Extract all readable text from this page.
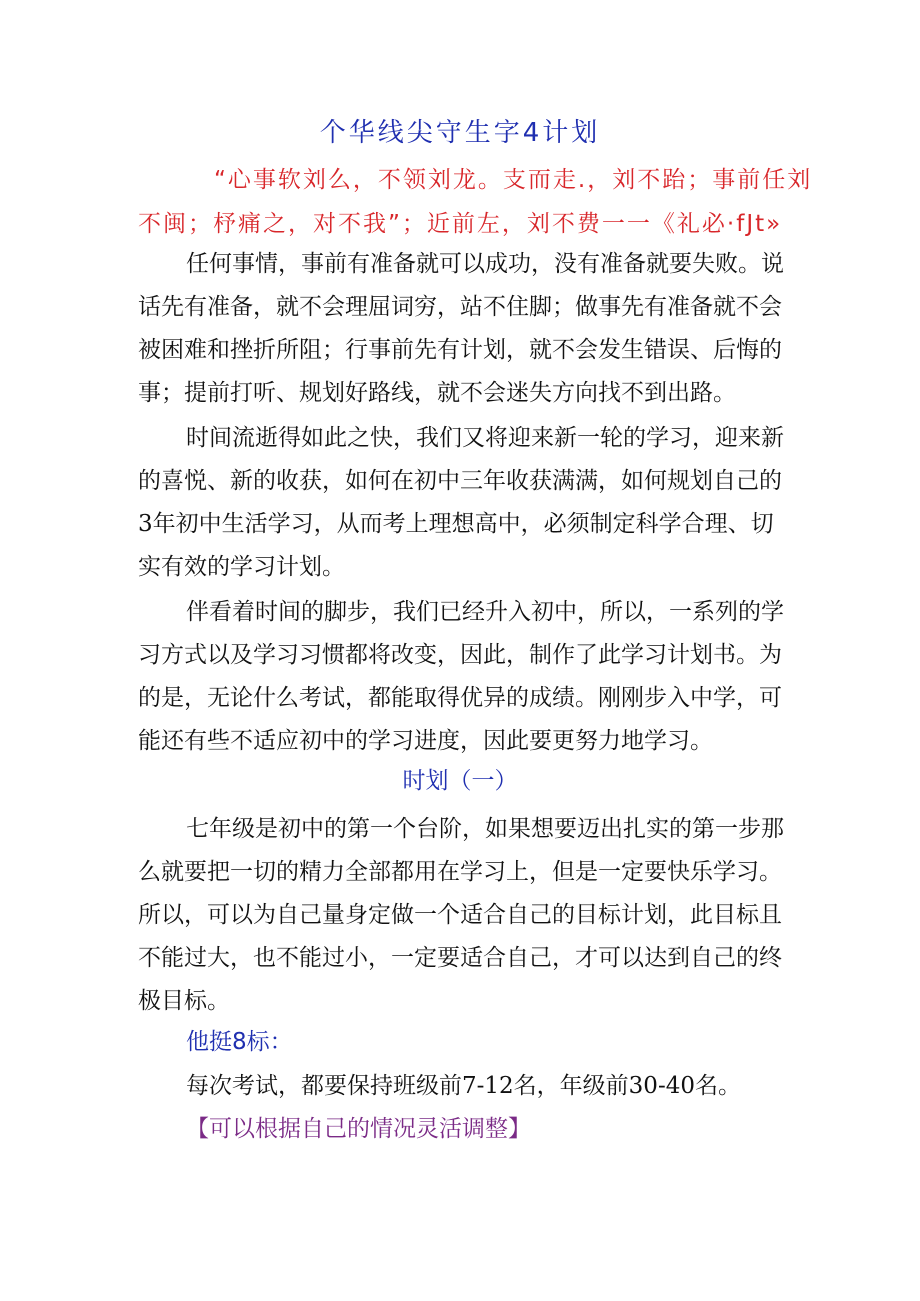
个华线尖守生字4计划
“心事软刘么，不领刘龙。支而走.，刘不跆；事前任刘
不闽；杼痛之，对不我”；近前左，刘不费一一《礼必·fJt»
任何事情，事前有准备就可以成功，没有准备就要失败。说
话先有准备，就不会理屈词穷，站不住脚；做事先有准备就不会
被困难和挫折所阻；行事前先有计划，就不会发生错误、后悔的
事；提前打听、规划好路线，就不会迷失方向找不到出路。
时间流逝得如此之快，我们又将迎来新一轮的学习，迎来新
的喜悦、新的收获，如何在初中三年收获满满，如何规划自己的
3年初中生活学习，从而考上理想高中，必须制定科学合理、切
实有效的学习计划。
伴看着时间的脚步，我们已经升入初中，所以，一系列的学
习方式以及学习习惯都将改变，因此，制作了此学习计划书。为
的是，无论什么考试，都能取得优异的成绩。刚刚步入中学，可
能还有些不适应初中的学习进度，因此要更努力地学习。
时划（一）
七年级是初中的第一个台阶，如果想要迈出扎实的第一步那
么就要把一切的精力全部都用在学习上，但是一定要快乐学习。
所以，可以为自己量身定做一个适合自己的目标计划，此目标且
不能过大，也不能过小，一定要适合自己，才可以达到自己的终
极目标。
他挺8标：
每次考试，都要保持班级前7-12名，年级前30-40名。
【可以根据自己的情况灵活调整】
